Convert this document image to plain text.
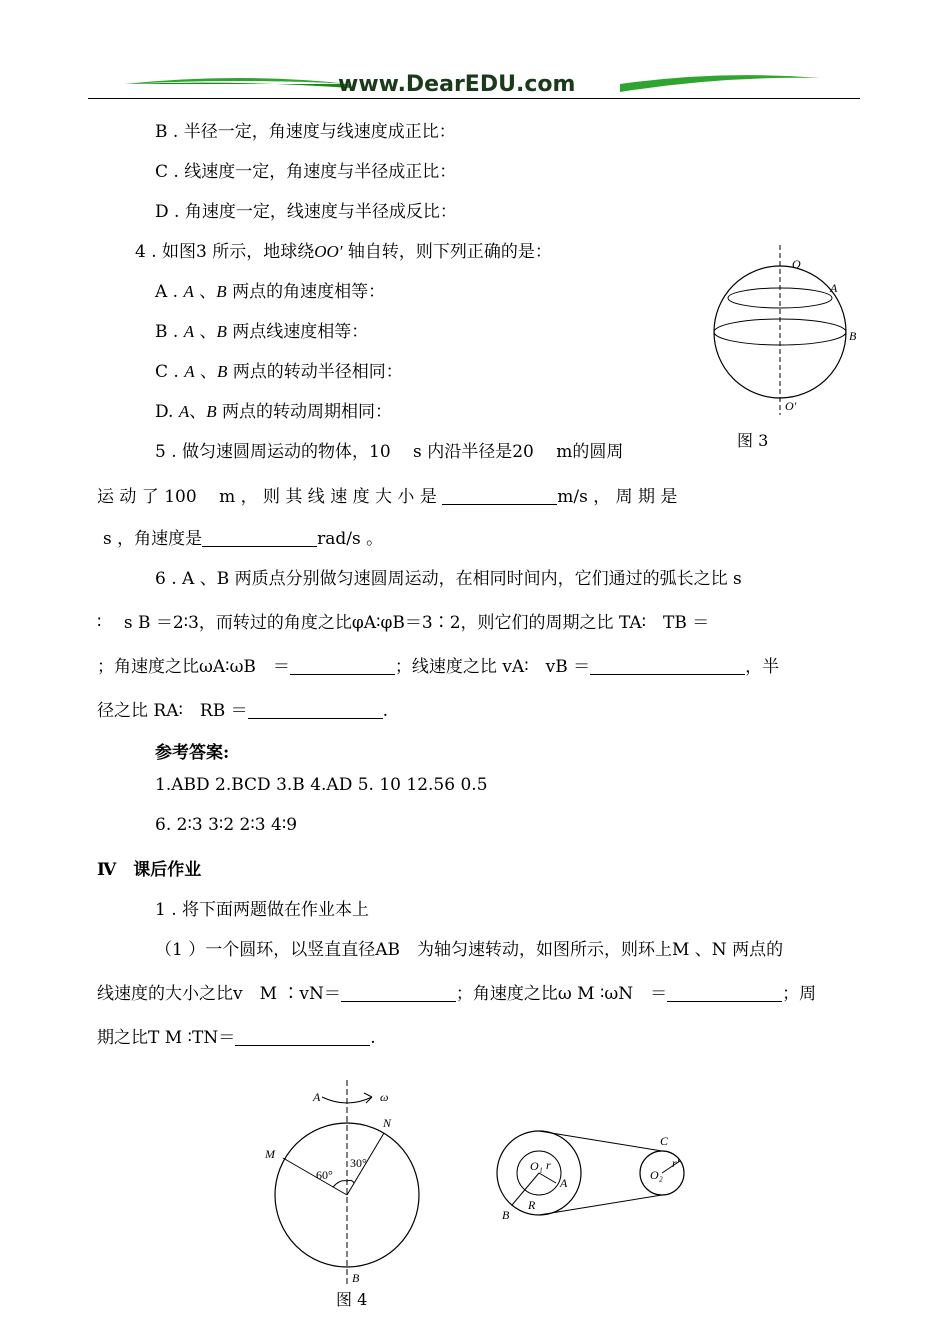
www.DearEDU.com
B . 半径一定，角速度与线速度成正比：
C . 线速度一定，角速度与半径成正比：
D . 角速度一定，线速度与半径成反比：
4 . 如图3 所示，地球绕OO′ 轴自转，则下列正确的是：
A . A 、B 两点的角速度相等：
B . A 、B 两点线速度相等：
C . A 、B 两点的转动半径相同：
D. A、B 两点的转动周期相同：
O
A
B
O′
图 3
5 . 做匀速圆周运动的物体，10　 s 内沿半径是20 　m的圆周
运 动 了 100 　m ， 则 其 线 速 度 大 小 是	m/s ， 周 期 是
s ，角速度是	rad/s 。
6 . A 、B 两质点分别做匀速圆周运动，在相同时间内，它们通过的弧长之比 s
∶　 s B ＝2∶3，而转过的角度之比φA∶φB＝3∶2，则它们的周期之比 TA∶　TB ＝
；角速度之比ωA∶ωB　＝	；线速度之比 vA∶　vB ＝	，半
径之比 RA∶　RB ＝	.
参考答案:
1.ABD 2.BCD 3.B 4.AD 5. 10 12.56 0.5
6. 2∶3 3∶2 2∶3 4∶9
Ⅳ　课后作业
1 . 将下面两题做在作业本上
（1 ）一个圆环，以竖直直径AB　为轴匀速转动，如图所示，则环上M 、N 两点的
线速度的大小之比v　M ∶vN＝	；角速度之比ω M ∶ωN　＝	；周
期之比T M ∶TN＝	.
A	ω
N
M
60°
30°
B
图 4
O₁ r
A
R
B
C
O₂
r′
